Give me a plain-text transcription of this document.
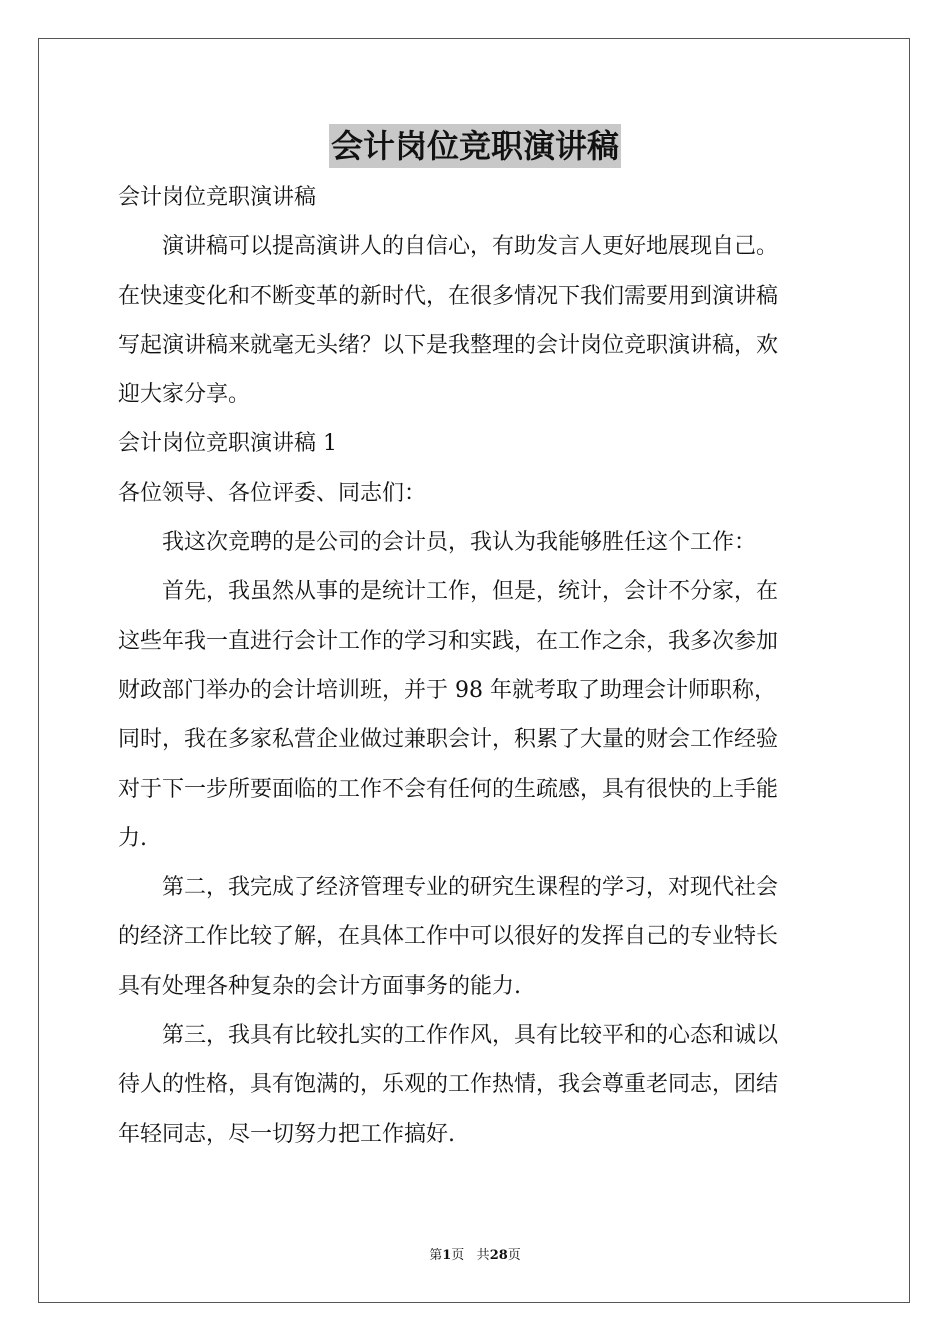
会计岗位竞职演讲稿
会计岗位竞职演讲稿
演讲稿可以提高演讲人的自信心，有助发言人更好地展现自己。
在快速变化和不断变革的新时代，在很多情况下我们需要用到演讲稿
写起演讲稿来就毫无头绪？以下是我整理的会计岗位竞职演讲稿，欢
迎大家分享。
会计岗位竞职演讲稿 1
各位领导、各位评委、同志们：
我这次竞聘的是公司的会计员，我认为我能够胜任这个工作：
首先，我虽然从事的是统计工作，但是，统计，会计不分家，在
这些年我一直进行会计工作的学习和实践，在工作之余，我多次参加
财政部门举办的会计培训班，并于 98 年就考取了助理会计师职称，
同时，我在多家私营企业做过兼职会计，积累了大量的财会工作经验
对于下一步所要面临的工作不会有任何的生疏感，具有很快的上手能
力.
第二，我完成了经济管理专业的研究生课程的学习，对现代社会
的经济工作比较了解，在具体工作中可以很好的发挥自己的专业特长
具有处理各种复杂的会计方面事务的能力.
第三，我具有比较扎实的工作作风，具有比较平和的心态和诚以
待人的性格，具有饱满的，乐观的工作热情，我会尊重老同志，团结
年轻同志，尽一切努力把工作搞好.
第1页 共28页
